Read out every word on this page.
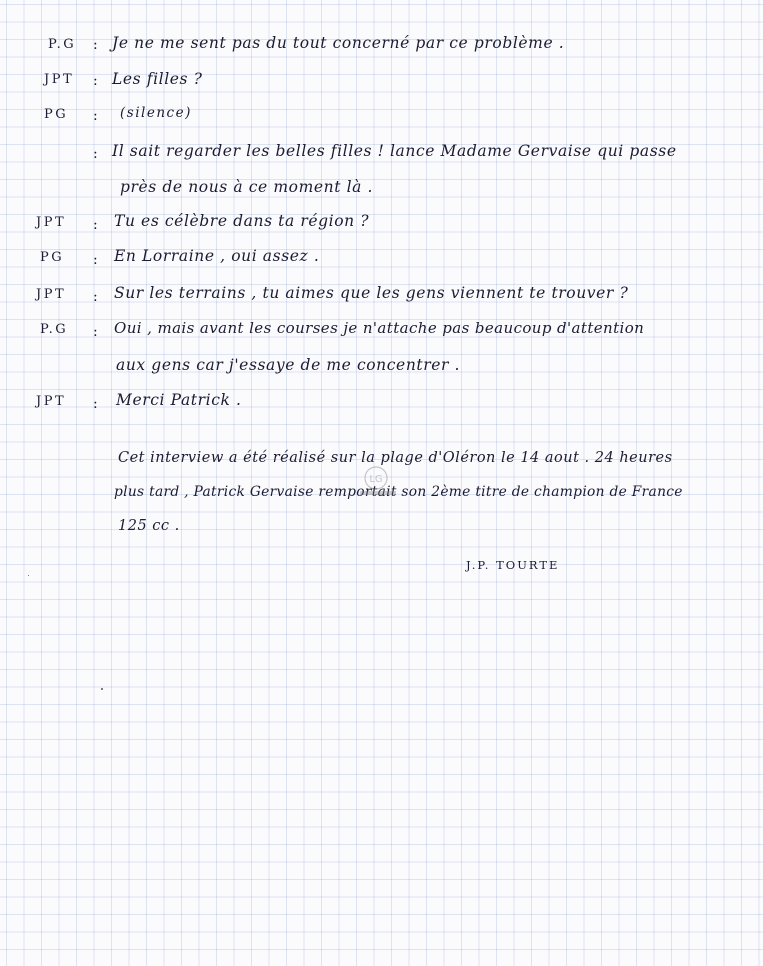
P.G : Je ne me sent pas du tout concerné par ce problème .
JPT : Les filles ?
PG : (silence)
: Il sait regarder les belles filles ! lance Madame Gervaise qui passe
près de nous à ce moment là .
JPT : Tu es célèbre dans ta région ?
PG : En Lorraine , oui assez .
JPT : Sur les terrains , tu aimes que les gens viennent te trouver ?
P.G : Oui , mais avant les courses je n'attache pas beaucoup d'attention
aux gens car j'essaye de me concentrer .
JPT : Merci Patrick .
Cet interview a été réalisé sur la plage d'Oléron le 14 aout . 24 heures
plus tard , Patrick Gervaise remportait son 2ème titre de champion de France
125 cc .
LG
J.P. TOURTE
